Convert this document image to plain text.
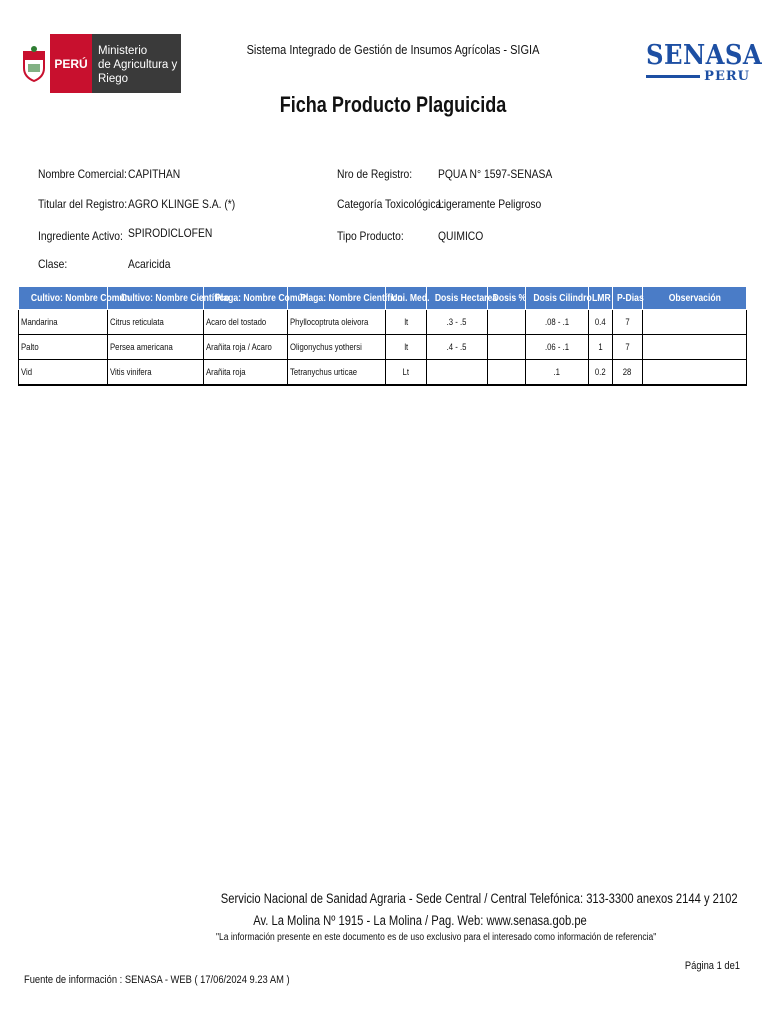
PERÚ
Ministerio
de Agricultura y Riego
Sistema Integrado de Gestión de Insumos Agrícolas - SIGIA
Ficha Producto Plaguicida
SENASA
PERU
Nombre Comercial: CAPITHAN
Titular del Registro: AGRO KLINGE S.A. (*)
Ingrediente Activo: SPIRODICLOFEN
Clase:	Acaricida
Nro de Registro: PQUA N° 1597-SENASA
Categoría Toxicológica:
Ligeramente Peligroso
Tipo Producto:	QUIMICO
Cultivo: Nombre Común	Cultivo: Nombre Científico	Plaga: Nombre Común	Plaga: Nombre Científico	Uni. Med.	Dosis Hectarea	Dosis %	Dosis Cilindro	LMR	P-Dias	Observación
Mandarina	Citrus reticulata	Acaro del tostado	Phyllocoptruta oleivora	lt	.3 - .5		.08 - .1	0.4	7	
Palto	Persea americana	Arañita roja / Acaro	Oligonychus yothersi	lt	.4 - .5		.06 - .1	1	7	
Vid	Vitis vinifera	Arañita roja	Tetranychus urticae	Lt			.1	0.2	28	
Servicio Nacional de Sanidad Agraria - Sede Central / Central Telefónica: 313-3300 anexos 2144 y 2102
Av. La Molina Nº 1915 - La Molina / Pag. Web: www.senasa.gob.pe
"La información presente en este documento es de uso exclusivo para el interesado como información de referencia"
Página 1 de1
Fuente de información : SENASA - WEB ( 17/06/2024 9.23 AM )
